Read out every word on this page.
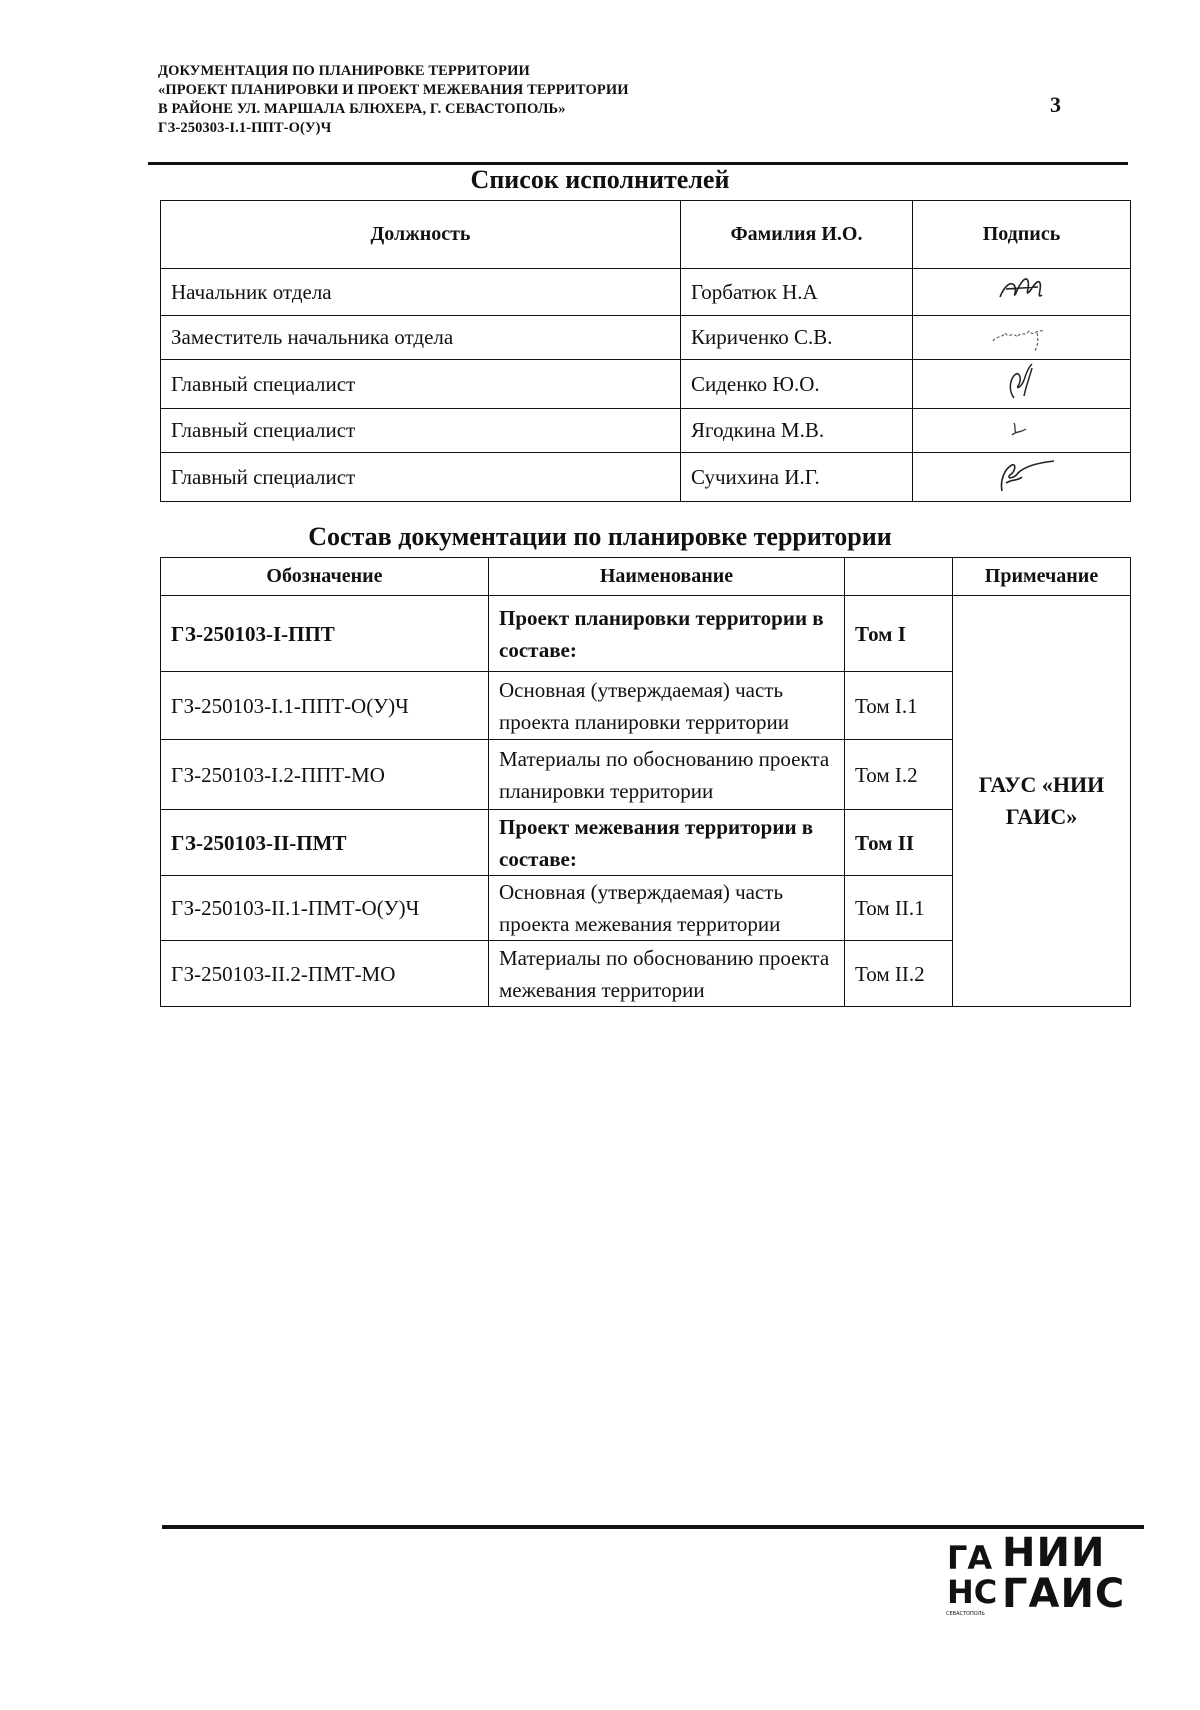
ДОКУМЕНТАЦИЯ ПО ПЛАНИРОВКЕ ТЕРРИТОРИИ
«ПРОЕКТ ПЛАНИРОВКИ И ПРОЕКТ МЕЖЕВАНИЯ ТЕРРИТОРИИ
В РАЙОНЕ УЛ. МАРШАЛА БЛЮХЕРА, Г. СЕВАСТОПОЛЬ»
ГЗ-250303-I.1-ППТ-О(У)Ч
3
Список исполнителей
Должность	Фамилия И.О.	Подпись
Начальник отдела	Горбатюк Н.А	
Заместитель начальника отдела	Кириченко С.В.	
Главный специалист	Сиденко Ю.О.	
Главный специалист	Ягодкина М.В.	
Главный специалист	Сучихина И.Г.	
Состав документации по планировке территории
Обозначение	Наименование		Примечание
ГЗ-250103-I-ППТ	Проект планировки территории в составе:	Том I	ГАУС «НИИ ГАИС»
ГЗ-250103-I.1-ППТ-О(У)Ч	Основная (утверждаемая) часть проекта планировки территории	Том I.1	
ГЗ-250103-I.2-ППТ-МО	Материалы по обоснованию проекта планировки территории	Том I.2	
ГЗ-250103-II-ПМТ	Проект межевания территории в составе:	Том II	
ГЗ-250103-II.1-ПМТ-О(У)Ч	Основная (утверждаемая) часть проекта межевания территории	Том II.1	
ГЗ-250103-II.2-ПМТ-МО	Материалы по обоснованию проекта межевания территории	Том II.2	
ГА
НС
СЕВАСТОПОЛЬ
НИИ
ГАИС
